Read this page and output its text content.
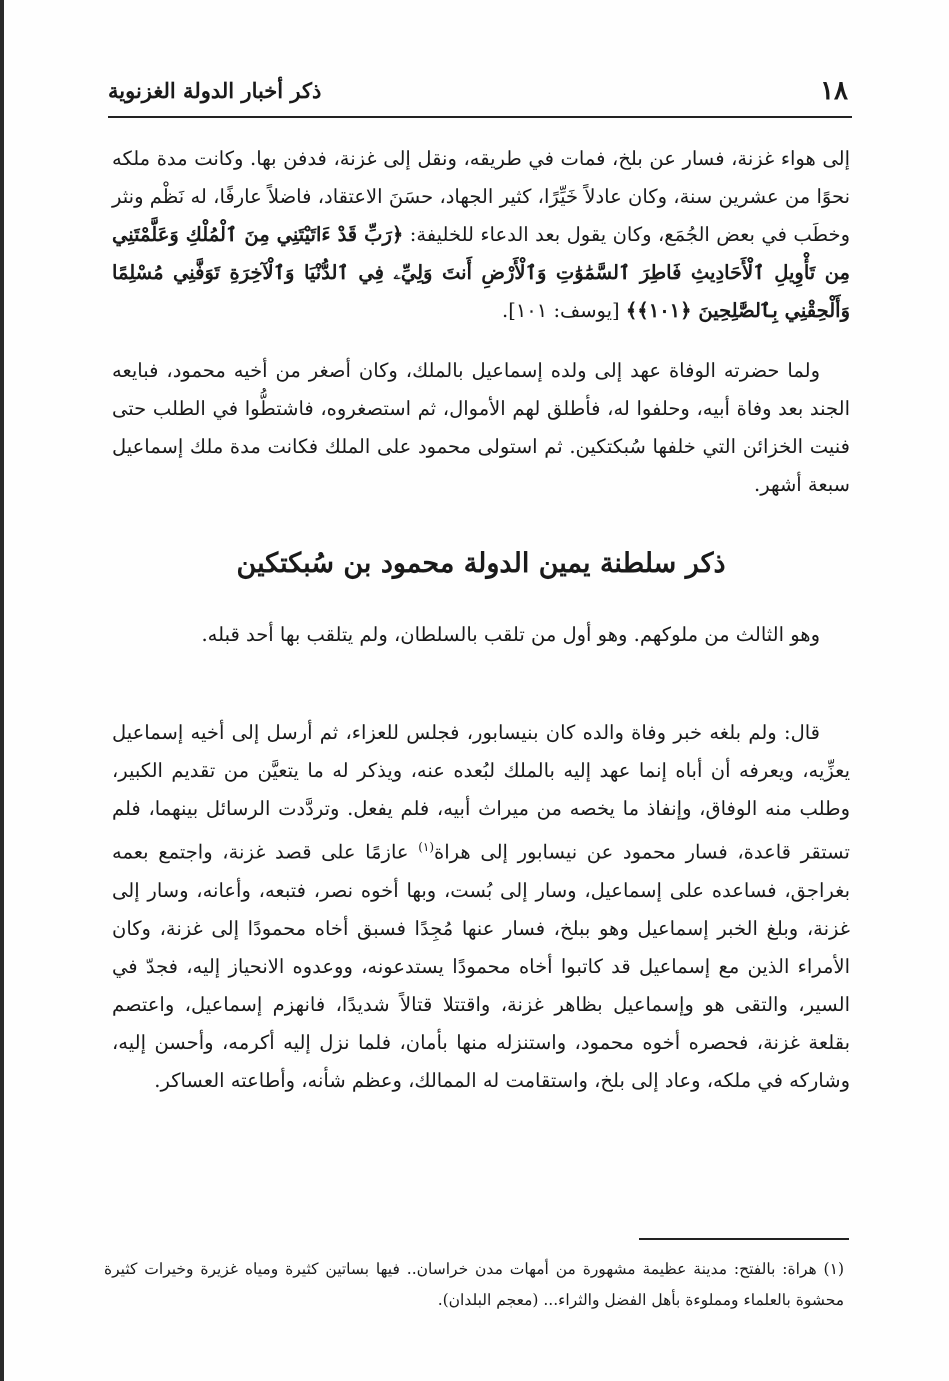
١٨
ذكر أخبار الدولة الغزنوية
إلى هواء غزنة، فسار عن بلخ، فمات في طريقه، ونقل إلى غزنة، فدفن بها. وكانت مدة ملكه نحوًا من عشرين سنة، وكان عادلاً خَيِّرًا، كثير الجهاد، حسَنَ الاعتقاد، فاضلاً عارفًا، له نَظْم ونثر وخطَب في بعض الجُمَع، وكان يقول بعد الدعاء للخليفة: ﴿رَبِّ قَدْ ءَاتَيْتَنِي مِنَ ٱلْمُلْكِ وَعَلَّمْتَنِي مِن تَأْوِيلِ ٱلْأَحَادِيثِ فَاطِرَ ٱلسَّمَٰوَٰتِ وَٱلْأَرْضِ أَنتَ وَلِيِّۦ فِي ٱلدُّنْيَا وَٱلْآخِرَةِ تَوَفَّنِي مُسْلِمًا وَأَلْحِقْنِي بِٱلصَّٰلِحِينَ ﴿١٠١﴾﴾ [يوسف: ١٠١].
ولما حضرته الوفاة عهد إلى ولده إسماعيل بالملك، وكان أصغر من أخيه محمود، فبايعه الجند بعد وفاة أبيه، وحلفوا له، فأطلق لهم الأموال، ثم استصغروه، فاشتطُّوا في الطلب حتى فنيت الخزائن التي خلفها سُبكتكين. ثم استولى محمود على الملك فكانت مدة ملك إسماعيل سبعة أشهر.
ذكر سلطنة يمين الدولة محمود بن سُبكتكين
وهو الثالث من ملوكهم. وهو أول من تلقب بالسلطان، ولم يتلقب بها أحد قبله.
قال: ولم بلغه خبر وفاة والده كان بنيسابور، فجلس للعزاء، ثم أرسل إلى أخيه إسماعيل يعزِّيه، ويعرفه أن أباه إنما عهد إليه بالملك لبُعده عنه، ويذكر له ما يتعيَّن من تقديم الكبير، وطلب منه الوفاق، وإنفاذ ما يخصه من ميراث أبيه، فلم يفعل. وتردَّدت الرسائل بينهما، فلم تستقر قاعدة، فسار محمود عن نيسابور إلى هراة$^{(١)}$ عازمًا على قصد غزنة، واجتمع بعمه بغراجق، فساعده على إسماعيل، وسار إلى بُست، وبها أخوه نصر، فتبعه، وأعانه، وسار إلى غزنة، وبلغ الخبر إسماعيل وهو ببلخ، فسار عنها مُجِدًا فسبق أخاه محمودًا إلى غزنة، وكان الأمراء الذين مع إسماعيل قد كاتبوا أخاه محمودًا يستدعونه، ووعدوه الانحياز إليه، فجدّ في السير، والتقى هو وإسماعيل بظاهر غزنة، واقتتلا قتالاً شديدًا، فانهزم إسماعيل، واعتصم بقلعة غزنة، فحصره أخوه محمود، واستنزله منها بأمان، فلما نزل إليه أكرمه، وأحسن إليه، وشاركه في ملكه، وعاد إلى بلخ، واستقامت له الممالك، وعظم شأنه، وأطاعته العساكر.
(١) هراة: بالفتح: مدينة عظيمة مشهورة من أمهات مدن خراسان.. فيها بساتين كثيرة ومياه غزيرة وخيرات كثيرة محشوة بالعلماء ومملوءة بأهل الفضل والثراء... (معجم البلدان).
